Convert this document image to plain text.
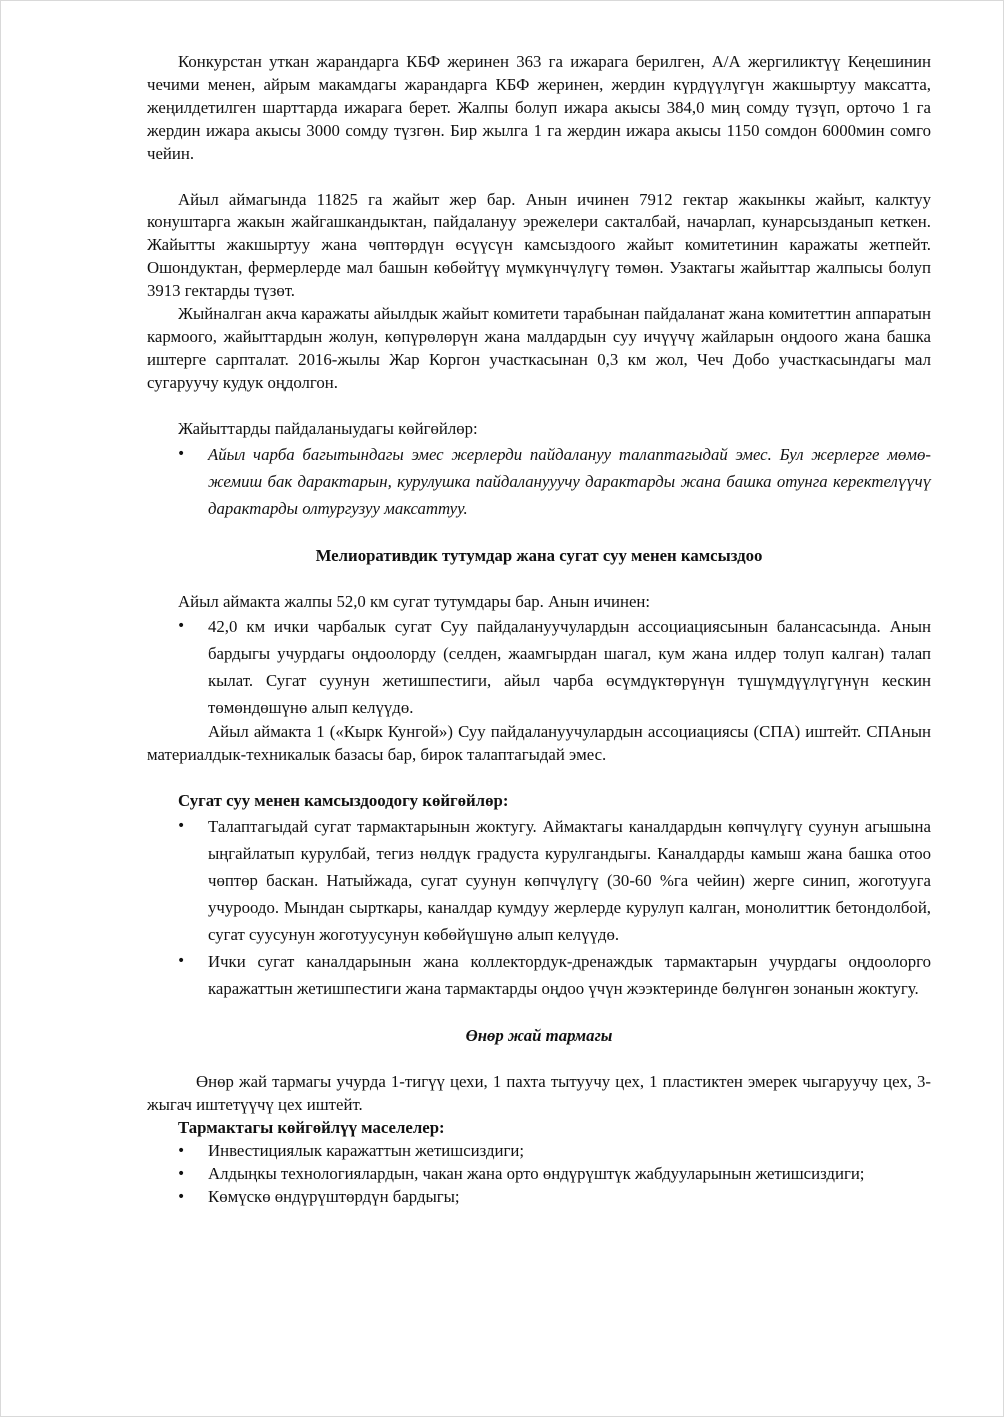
Конкурстан уткан жарандарга КБФ жеринен 363 га ижарага берилген, А/А жергиликтүү Кеңешинин чечими менен, айрым макамдагы жарандарга КБФ жеринен, жердин күрдүүлүгүн жакшыртуу максатта, жеңилдетилген шарттарда ижарага берет. Жалпы болуп ижара акысы 384,0 миң сомду түзүп, орточо 1 га жердин ижара акысы 3000 сомду түзгөн. Бир жылга 1 га жердин ижара акысы 1150 сомдон 6000мин сомго чейин.

Айыл аймагында 11825 га жайыт жер бар. Анын ичинен 7912 гектар жакынкы жайыт, калктуу конуштарга жакын жайгашкандыктан, пайдалануу эрежелери сакталбай, начарлап, кунарсызданып кеткен. Жайытты жакшыртуу жана чөптөрдүн өсүүсүн камсыздоого жайыт комитетинин каражаты жетпейт. Ошондуктан, фермерлерде мал башын көбөйтүү мүмкүнчүлүгү төмөн. Узактагы жайыттар жалпысы болуп 3913 гектарды түзөт.

Жыйналган акча каражаты айылдык жайыт комитети тарабынан пайдаланат жана комитеттин аппаратын кармоого, жайыттардын жолун, көпүрөлөрүн жана малдардын суу ичүүчү жайларын оңдоого жана башка иштерге сарпталат. 2016-жылы Жар Коргон участкасынан 0,3 км жол, Чеч Добо участкасындагы мал сугаруучу кудук оңдолгон.

Жайыттарды пайдаланыудагы көйгөйлөр:

• Айыл чарба багытындагы эмес жерлерди пайдалануу талаптагыдай эмес. Бул жерлерге мөмө-жемиш бак дарактарын, курулушка пайдаланууучу дарактарды жана башка отунга керектелүүчү дарактарды олтургузуу максаттуу.

Мелиоративдик тутумдар жана сугат суу менен камсыздоо

Айыл аймакта жалпы 52,0 км сугат тутумдары бар. Анын ичинен:

• 42,0 км ички чарбалык сугат Суу пайдалануучулардын ассоциациясынын балансасында. Анын бардыгы учурдагы оңдоолорду (селден, жаамгырдан шагал, кум жана илдер толуп калган) талап кылат. Сугат суунун жетишпестиги, айыл чарба өсүмдүктөрүнүн түшүмдүүлүгүнүн кескин төмөндөшүнө алып келүүдө.

Айыл аймакта 1 («Кырк Кунгой») Суу пайдалануучулардын ассоциациясы (СПА) иштейт. СПАнын материалдык-техникалык базасы бар, бирок талаптагыдай эмес.

Сугат суу менен камсыздоодогу көйгөйлөр:

• Талаптагыдай сугат тармактарынын жоктугу. Аймактагы каналдардын көпчүлүгү суунун агышына ыңгайлатып курулбай, тегиз нөлдүк градуста курулгандыгы. Каналдарды камыш жана башка отоо чөптөр баскан. Натыйжада, сугат суунун көпчүлүгү (30-60 %га чейин) жерге синип, жоготууга учуроодо. Мындан сырткары, каналдар кумдуу жерлерде курулуп калган, монолиттик бетондолбой, сугат суусунун жоготуусунун көбөйүшүнө алып келүүдө.
• Ички сугат каналдарынын жана коллектордук-дренаждык тармактарын учурдагы оңдоолорго каражаттын жетишпестиги жана тармактарды оңдоо үчүн жээктеринде бөлүнгөн зонанын жоктугу.

Өнөр жай тармагы

Өнөр жай тармагы учурда 1-тигүү цехи, 1 пахта тытуучу цех, 1 пластиктен эмерек чыгаруучу цех, 3- жыгач иштетүүчү цех иштейт.

Тармактагы көйгөйлүү маселелер:

• Инвестициялык каражаттын жетишсиздиги;
• Алдыңкы технологиялардын, чакан жана орто өндүрүштүк жабдууларынын жетишсиздиги;
• Көмүскө өндүрүштөрдүн бардыгы;
